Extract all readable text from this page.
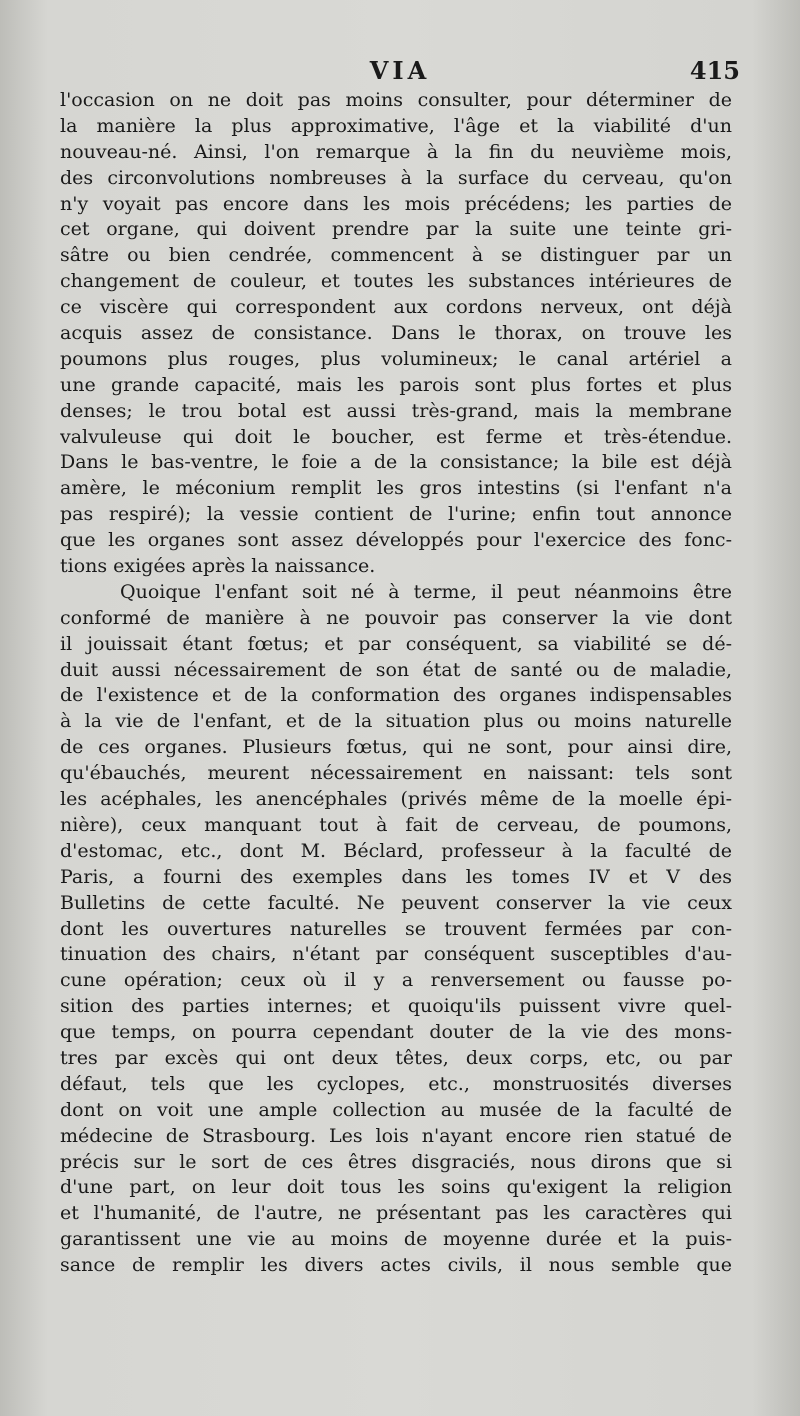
VIA	415
l'occasion on ne doit pas moins consulter, pour déterminer de
la manière la plus approximative, l'âge et la viabilité d'un
nouveau-né. Ainsi, l'on remarque à la fin du neuvième mois,
des circonvolutions nombreuses à la surface du cerveau, qu'on
n'y voyait pas encore dans les mois précédens; les parties de
cet organe, qui doivent prendre par la suite une teinte gri-
sâtre ou bien cendrée, commencent à se distinguer par un
changement de couleur, et toutes les substances intérieures de
ce viscère qui correspondent aux cordons nerveux, ont déjà
acquis assez de consistance. Dans le thorax, on trouve les
poumons plus rouges, plus volumineux; le canal artériel a
une grande capacité, mais les parois sont plus fortes et plus
denses; le trou botal est aussi très-grand, mais la membrane
valvuleuse qui doit le boucher, est ferme et très-étendue.
Dans le bas-ventre, le foie a de la consistance; la bile est déjà
amère, le méconium remplit les gros intestins (si l'enfant n'a
pas respiré); la vessie contient de l'urine; enfin tout annonce
que les organes sont assez développés pour l'exercice des fonc-
tions exigées après la naissance.
Quoique l'enfant soit né à terme, il peut néanmoins être
conformé de manière à ne pouvoir pas conserver la vie dont
il jouissait étant fœtus; et par conséquent, sa viabilité se dé-
duit aussi nécessairement de son état de santé ou de maladie,
de l'existence et de la conformation des organes indispensables
à la vie de l'enfant, et de la situation plus ou moins naturelle
de ces organes. Plusieurs fœtus, qui ne sont, pour ainsi dire,
qu'ébauchés, meurent nécessairement en naissant: tels sont
les acéphales, les anencéphales (privés même de la moelle épi-
nière), ceux manquant tout à fait de cerveau, de poumons,
d'estomac, etc., dont M. Béclard, professeur à la faculté de
Paris, a fourni des exemples dans les tomes IV et V des
Bulletins de cette faculté. Ne peuvent conserver la vie ceux
dont les ouvertures naturelles se trouvent fermées par con-
tinuation des chairs, n'étant par conséquent susceptibles d'au-
cune opération; ceux où il y a renversement ou fausse po-
sition des parties internes; et quoiqu'ils puissent vivre quel-
que temps, on pourra cependant douter de la vie des mons-
tres par excès qui ont deux têtes, deux corps, etc, ou par
défaut, tels que les cyclopes, etc., monstruosités diverses
dont on voit une ample collection au musée de la faculté de
médecine de Strasbourg. Les lois n'ayant encore rien statué de
précis sur le sort de ces êtres disgraciés, nous dirons que si
d'une part, on leur doit tous les soins qu'exigent la religion
et l'humanité, de l'autre, ne présentant pas les caractères qui
garantissent une vie au moins de moyenne durée et la puis-
sance de remplir les divers actes civils, il nous semble que
